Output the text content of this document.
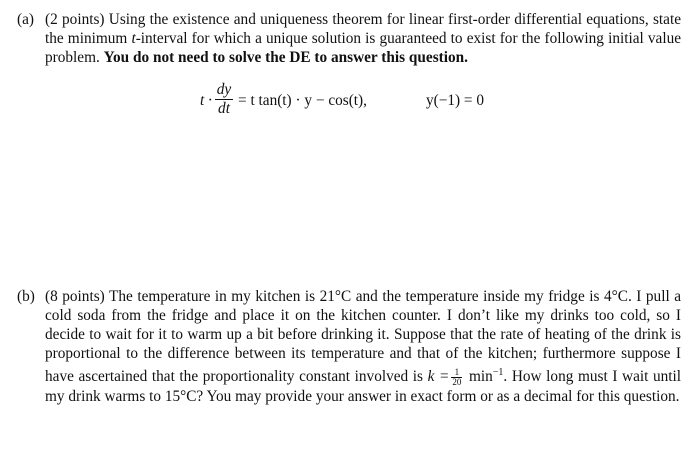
(a) (2 points) Using the existence and uniqueness theorem for linear first-order differential equations, state the minimum t-interval for which a unique solution is guaranteed to exist for the following initial value problem. You do not need to solve the DE to answer this question.
t ·
dy
dt = t tan(t) · y − cos(t),	y(−1) = 0
(b) (8 points) The temperature in my kitchen is 21°C and the temperature inside my fridge is 4°C. I pull a cold soda from the fridge and place it on the kitchen counter. I don’t like my drinks too cold, so I decide to wait for it to warm up a bit before drinking it. Suppose that the rate of heating of the drink is proportional to the difference between its temperature and that of the kitchen; furthermore suppose I have ascertained that the proportionality constant involved is $k = \frac{1}{20} \min^{-1}$. How long must I wait until my drink warms to 15°C? You may provide your answer in exact form or as a decimal for this question.
